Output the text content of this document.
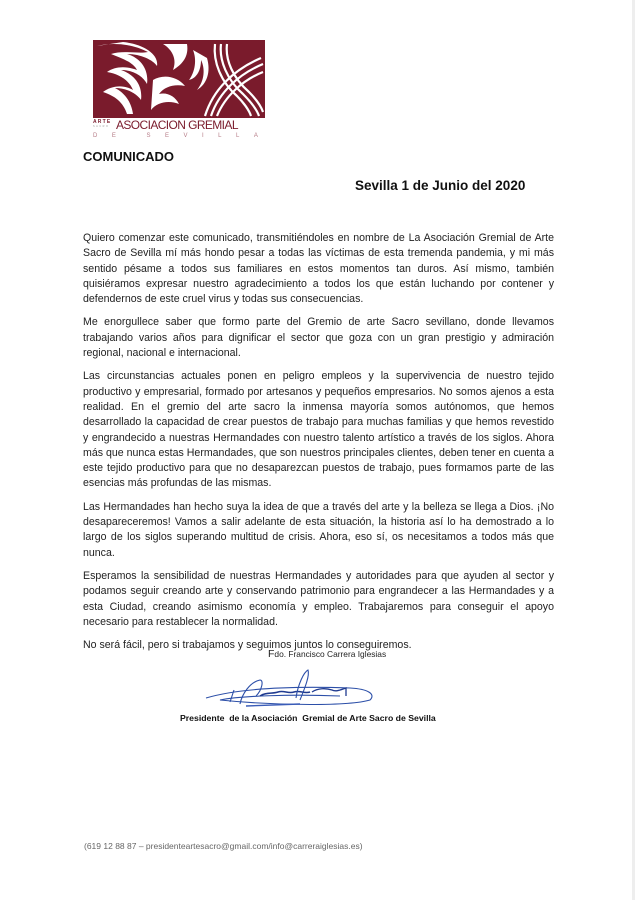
ARTE
SACRO ASOCIACION GREMIAL
DE SEVILLA
COMUNICADO
Sevilla 1 de Junio del 2020

Quiero comenzar este comunicado, transmitiéndoles en nombre de La Asociación Gremial de Arte Sacro de Sevilla mí más hondo pesar a todas las víctimas de esta tremenda pandemia, y mi más sentido pésame a todos sus familiares en estos momentos tan duros. Así mismo, también quisiéramos expresar nuestro agradecimiento a todos los que están luchando por contener y defendernos de este cruel virus y todas sus consecuencias.

Me enorgullece saber que formo parte del Gremio de arte Sacro sevillano, donde llevamos trabajando varios años para dignificar el sector que goza con un gran prestigio y admiración regional, nacional e internacional.

Las circunstancias actuales ponen en peligro empleos y la supervivencia de nuestro tejido productivo y empresarial, formado por artesanos y pequeños empresarios. No somos ajenos a esta realidad. En el gremio del arte sacro la inmensa mayoría somos autónomos, que hemos desarrollado la capacidad de crear puestos de trabajo para muchas familias y que hemos revestido y engrandecido a nuestras Hermandades con nuestro talento artístico a través de los siglos. Ahora más que nunca estas Hermandades, que son nuestros principales clientes, deben tener en cuenta a este tejido productivo para que no desaparezcan puestos de trabajo, pues formamos parte de las esencias más profundas de las mismas.

Las Hermandades han hecho suya la idea de que a través del arte y la belleza se llega a Dios. ¡No desapareceremos! Vamos a salir adelante de esta situación, la historia así lo ha demostrado a lo largo de los siglos superando multitud de crisis. Ahora, eso sí, os necesitamos a todos más que nunca.

Esperamos la sensibilidad de nuestras Hermandades y autoridades para que ayuden al sector y podamos seguir creando arte y conservando patrimonio para engrandecer a las Hermandades y a esta Ciudad, creando asimismo economía y empleo. Trabajaremos para conseguir el apoyo necesario para restablecer la normalidad.

No será fácil, pero si trabajamos y seguimos juntos lo conseguiremos.

Fdo. Francisco Carrera Iglesias
Presidente  de la Asociación  Gremial de Arte Sacro de Sevilla
(619 12 88 87 – presidenteartesacro@gmail.com/info@carreraiglesias.es)
